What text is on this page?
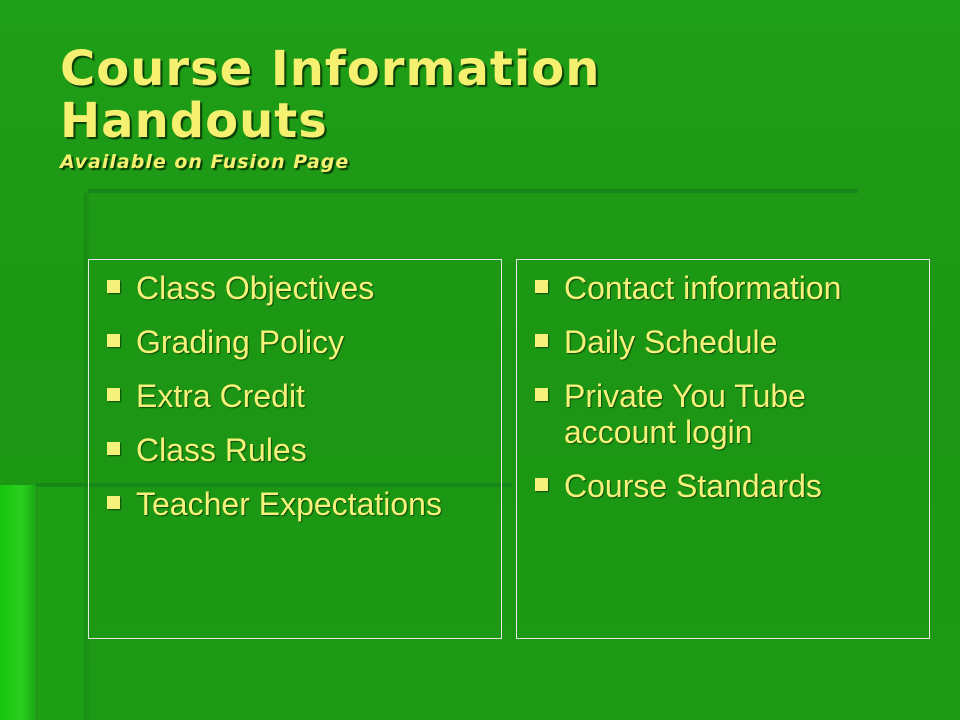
Course Information
Handouts
Available on Fusion Page
Class Objectives
Grading Policy
Extra Credit
Class Rules
Teacher Expectations
Contact information
Daily Schedule
Private You Tube account login
Course Standards
